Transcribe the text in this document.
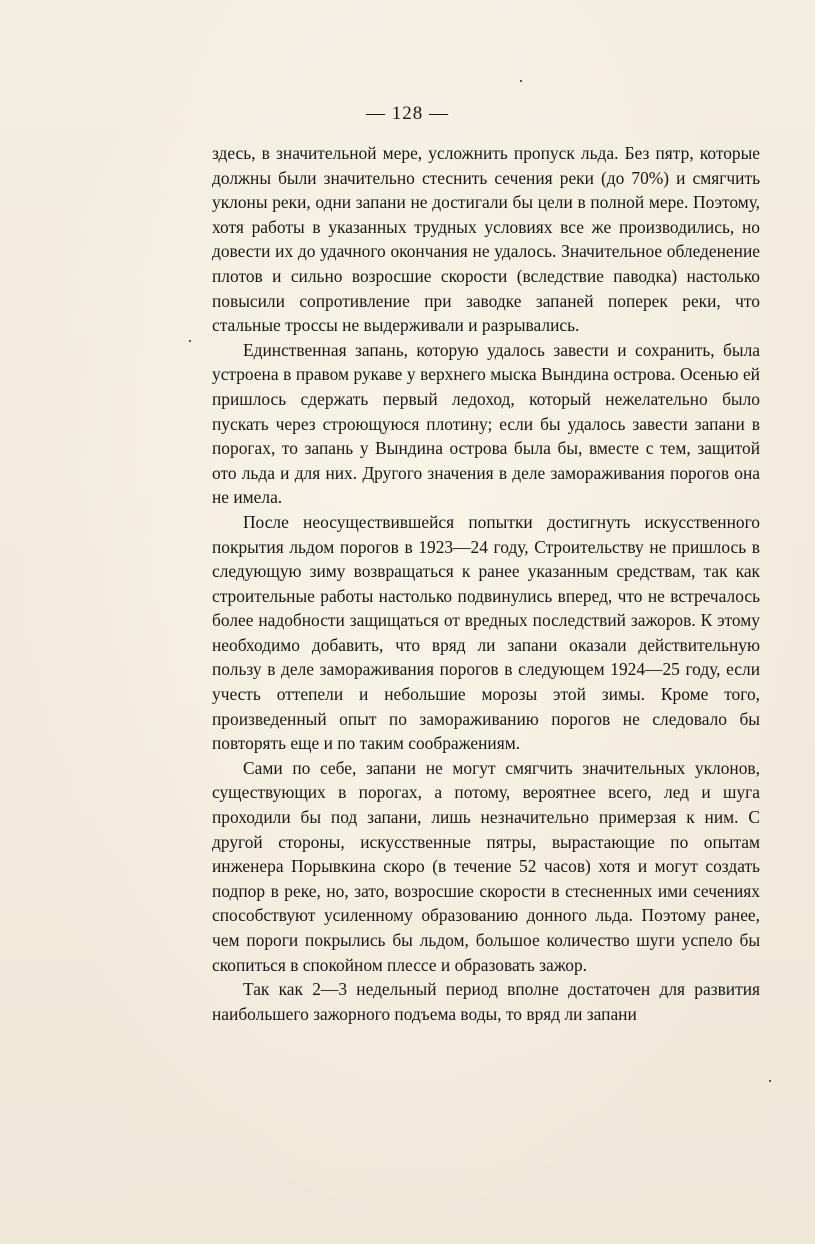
— 128 —

здесь, в значительной мере, усложнить пропуск льда. Без пятр, которые должны были значительно стеснить сечения реки (до 70%) и смягчить уклоны реки, одни запани не достигали бы цели в полной мере. Поэтому, хотя работы в указанных трудных условиях все же производились, но довести их до удачного окончания не удалось. Значительное обледенение плотов и сильно возросшие скорости (вследствие паводка) настолько повысили сопротивление при заводке запаней поперек реки, что стальные тросcы не выдерживали и разрывались.

Единственная запань, которую удалось завести и сохранить, была устроена в правом рукаве у верхнего мыска Вындина острова. Осенью ей пришлось сдержать первый ледоход, который нежелательно было пускать через строющуюся плотину; если бы удалось завести запани в порогах, то запань у Вындина острова была бы, вместе с тем, защитой ото льда и для них. Другого значения в деле замораживания порогов она не имела.

После неосуществившейся попытки достигнуть искусственного покрытия льдом порогов в 1923—24 году, Строительству не пришлось в следующую зиму возвращаться к ранее указанным средствам, так как строительные работы настолько подвинулись вперед, что не встречалось более надобности защищаться от вредных последствий зажоров. К этому необходимо добавить, что вряд ли запани оказали действительную пользу в деле замораживания порогов в следующем 1924—25 году, если учесть оттепели и небольшие морозы этой зимы. Кроме того, произведенный опыт по замораживанию порогов не следовало бы повторять еще и по таким соображениям.

Сами по себе, запани не могут смягчить значительных уклонов, существующих в порогах, а потому, вероятнее всего, лед и шуга проходили бы под запани, лишь незначительно примерзая к ним. С другой стороны, искусственные пятры, вырастающие по опытам инженера Порывкина скоро (в течение 52 часов) хотя и могут создать подпор в реке, но, зато, возросшие скорости в стесненных ими сечениях способствуют усиленному образованию донного льда. Поэтому ранее, чем пороги покрылись бы льдом, большое количество шуги успело бы скопиться в спокойном плессе и образовать зажор.

Так как 2—3 недельный период вполне достаточен для развития наибольшего зажорного подъема воды, то вряд ли запани
